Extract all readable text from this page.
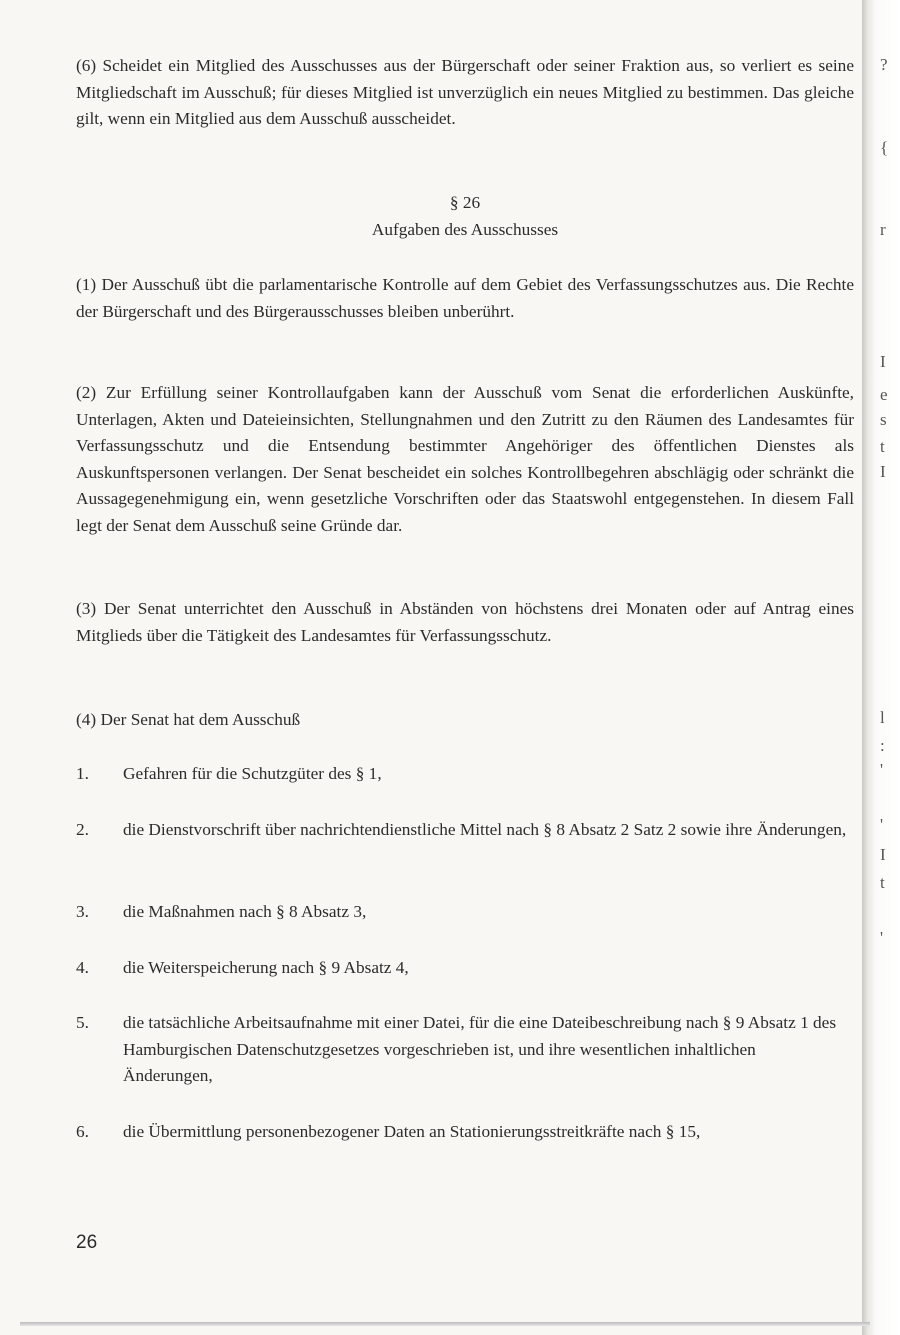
(6) Scheidet ein Mitglied des Ausschusses aus der Bürgerschaft oder seiner Fraktion aus, so verliert es seine Mitgliedschaft im Ausschuß; für dieses Mitglied ist unverzüglich ein neues Mitglied zu bestimmen. Das gleiche gilt, wenn ein Mitglied aus dem Ausschuß ausscheidet.

§ 26

Aufgaben des Ausschusses

(1) Der Ausschuß übt die parlamentarische Kontrolle auf dem Gebiet des Verfassungsschutzes aus. Die Rechte der Bürgerschaft und des Bürgerausschusses bleiben unberührt.

(2) Zur Erfüllung seiner Kontrollaufgaben kann der Ausschuß vom Senat die erforderlichen Auskünfte, Unterlagen, Akten und Dateieinsichten, Stellungnahmen und den Zutritt zu den Räumen des Landesamtes für Verfassungsschutz und die Entsendung bestimmter Angehöriger des öffentlichen Dienstes als Auskunftspersonen verlangen. Der Senat bescheidet ein solches Kontrollbegehren abschlägig oder schränkt die Aussagegenehmigung ein, wenn gesetzliche Vorschriften oder das Staatswohl entgegenstehen. In diesem Fall legt der Senat dem Ausschuß seine Gründe dar.

(3) Der Senat unterrichtet den Ausschuß in Abständen von höchstens drei Monaten oder auf Antrag eines Mitglieds über die Tätigkeit des Landesamtes für Verfassungsschutz.

(4) Der Senat hat dem Ausschuß

1. Gefahren für die Schutzgüter des § 1,
2. die Dienstvorschrift über nachrichtendienstliche Mittel nach § 8 Absatz 2 Satz 2 sowie ihre Änderungen,
3. die Maßnahmen nach § 8 Absatz 3,
4. die Weiterspeicherung nach § 9 Absatz 4,
5. die tatsächliche Arbeitsaufnahme mit einer Datei, für die eine Dateibeschreibung nach § 9 Absatz 1 des Hamburgischen Datenschutzgesetzes vorgeschrieben ist, und ihre wesentlichen inhaltlichen Änderungen,
6. die Übermittlung personenbezogener Daten an Stationierungsstreitkräfte nach § 15,
26
?
{
r
I
e
s
t
I
l
:
'
'
I
t
'
